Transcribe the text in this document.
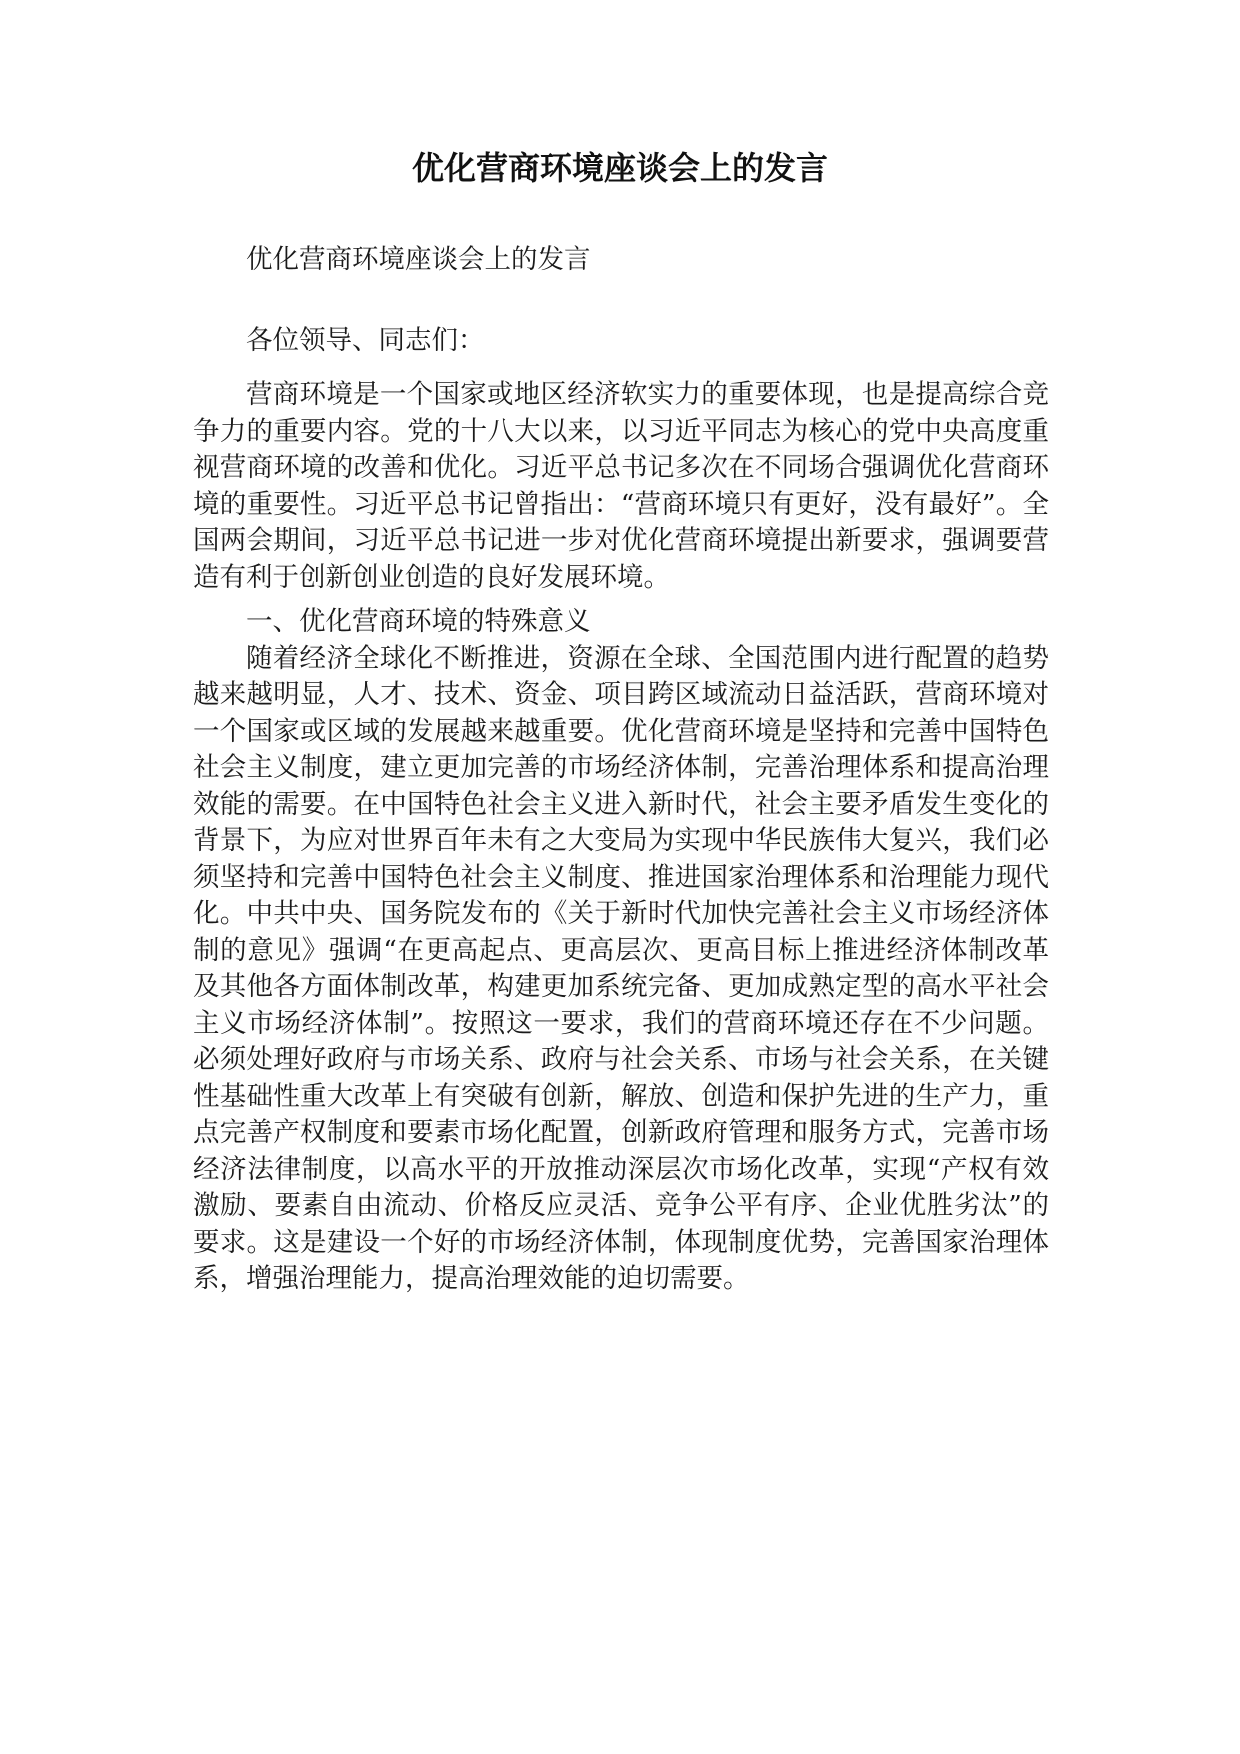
优化营商环境座谈会上的发言

优化营商环境座谈会上的发言

各位领导、同志们：

营商环境是一个国家或地区经济软实力的重要体现，也是提高综合竞争力的重要内容。党的十八大以来，以习近平同志为核心的党中央高度重视营商环境的改善和优化。习近平总书记多次在不同场合强调优化营商环境的重要性。习近平总书记曾指出：“营商环境只有更好，没有最好”。全国两会期间，习近平总书记进一步对优化营商环境提出新要求，强调要营造有利于创新创业创造的良好发展环境。

一、优化营商环境的特殊意义

随着经济全球化不断推进，资源在全球、全国范围内进行配置的趋势越来越明显，人才、技术、资金、项目跨区域流动日益活跃，营商环境对一个国家或区域的发展越来越重要。优化营商环境是坚持和完善中国特色社会主义制度，建立更加完善的市场经济体制，完善治理体系和提高治理效能的需要。在中国特色社会主义进入新时代，社会主要矛盾发生变化的背景下，为应对世界百年未有之大变局为实现中华民族伟大复兴，我们必须坚持和完善中国特色社会主义制度、推进国家治理体系和治理能力现代化。中共中央、国务院发布的《关于新时代加快完善社会主义市场经济体制的意见》强调“在更高起点、更高层次、更高目标上推进经济体制改革及其他各方面体制改革，构建更加系统完备、更加成熟定型的高水平社会主义市场经济体制”。按照这一要求，我们的营商环境还存在不少问题。必须处理好政府与市场关系、政府与社会关系、市场与社会关系，在关键性基础性重大改革上有突破有创新，解放、创造和保护先进的生产力，重点完善产权制度和要素市场化配置，创新政府管理和服务方式，完善市场经济法律制度，以高水平的开放推动深层次市场化改革，实现“产权有效激励、要素自由流动、价格反应灵活、竞争公平有序、企业优胜劣汰”的要求。这是建设一个好的市场经济体制，体现制度优势，完善国家治理体系，增强治理能力，提高治理效能的迫切需要。
